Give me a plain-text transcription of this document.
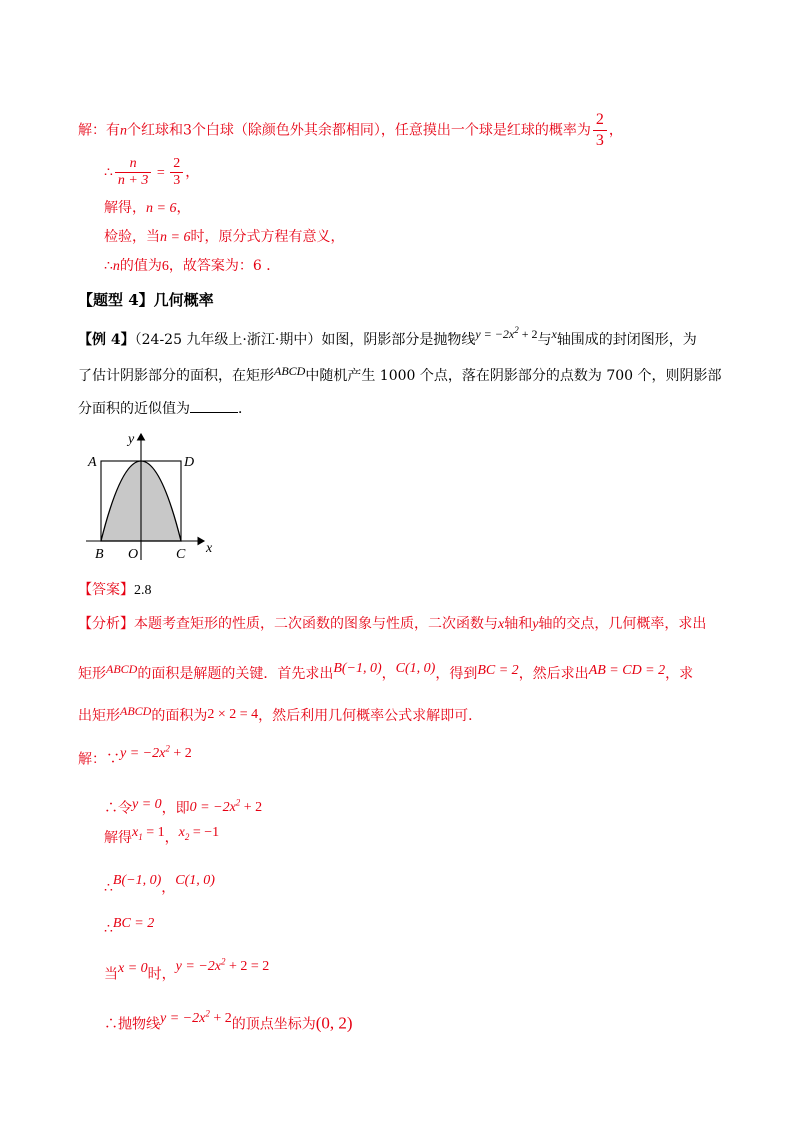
解：有n个红球和3个白球（除颜色外其余都相同），任意摸出一个球是红球的概率为 $\frac{2}{3}$ ，
∴ $\frac{n}{n + 3} = \frac{2}{3}$ ，
解得，n = 6，
检验，当n = 6时，原分式方程有意义，
∴n的值为6，故答案为：6 ．
【题型 4】几何概率
【例 4】（24-25 九年级上·浙江·期中）如图，阴影部分是抛物线$y = -2x^2 + 2$与x轴围成的封闭图形，为
了估计阴影部分的面积，在矩形ABCD中随机产生 1000 个点，落在阴影部分的点数为 700 个，则阴影部
分面积的近似值为	．
y
x
A	D
B O	C
【答案】2.8
【分析】本题考查矩形的性质，二次函数的图象与性质，二次函数与x轴和y轴的交点，几何概率，求出
矩形ABCD的面积是解题的关键．首先求出B(−1, 0)，C(1, 0)，得到BC = 2，然后求出AB = CD = 2，求
出矩形ABCD的面积为2 × 2 = 4，然后利用几何概率公式求解即可．
解：∵y = $-2x^2 + 2$
∴令y = 0，即$0 = -2x^2 + 2$
解得$x_1 = 1$，$x_2 = -1$
∴B(−1, 0)，C(1, 0)
∴BC = 2
当x = 0时，$y = -2x^2 + 2 = 2$
∴抛物线$y = -2x^2 + 2$的顶点坐标为(0, 2)
